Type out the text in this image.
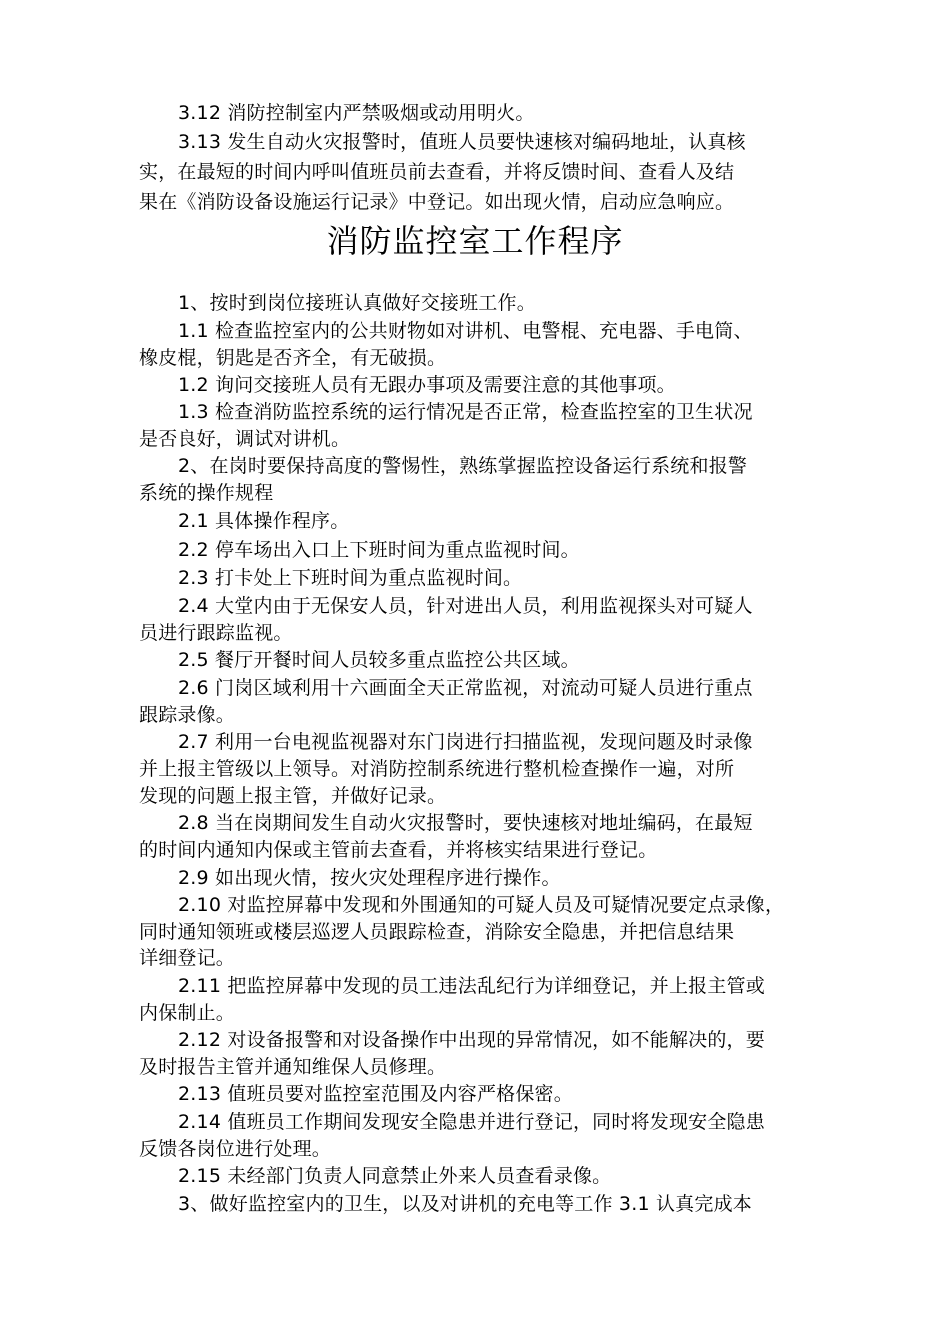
3.12 消防控制室内严禁吸烟或动用明火。
3.13 发生自动火灾报警时，值班人员要快速核对编码地址，认真核
实，在最短的时间内呼叫值班员前去查看，并将反馈时间、查看人及结
果在《消防设备设施运行记录》中登记。如出现火情，启动应急响应。
消防监控室工作程序
1、按时到岗位接班认真做好交接班工作。
1.1 检查监控室内的公共财物如对讲机、电警棍、充电器、手电筒、
橡皮棍，钥匙是否齐全，有无破损。
1.2 询问交接班人员有无跟办事项及需要注意的其他事项。
1.3 检查消防监控系统的运行情况是否正常，检查监控室的卫生状况
是否良好，调试对讲机。
2、在岗时要保持高度的警惕性，熟练掌握监控设备运行系统和报警
系统的操作规程
2.1 具体操作程序。
2.2 停车场出入口上下班时间为重点监视时间。
2.3 打卡处上下班时间为重点监视时间。
2.4 大堂内由于无保安人员，针对进出人员，利用监视探头对可疑人
员进行跟踪监视。
2.5 餐厅开餐时间人员较多重点监控公共区域。
2.6 门岗区域利用十六画面全天正常监视，对流动可疑人员进行重点
跟踪录像。
2.7 利用一台电视监视器对东门岗进行扫描监视，发现问题及时录像
并上报主管级以上领导。对消防控制系统进行整机检查操作一遍，对所
发现的问题上报主管，并做好记录。
2.8 当在岗期间发生自动火灾报警时，要快速核对地址编码，在最短
的时间内通知内保或主管前去查看，并将核实结果进行登记。
2.9 如出现火情，按火灾处理程序进行操作。
2.10 对监控屏幕中发现和外围通知的可疑人员及可疑情况要定点录像，
同时通知领班或楼层巡逻人员跟踪检查，消除安全隐患，并把信息结果
详细登记。
2.11 把监控屏幕中发现的员工违法乱纪行为详细登记，并上报主管或
内保制止。
2.12 对设备报警和对设备操作中出现的异常情况，如不能解决的，要
及时报告主管并通知维保人员修理。
2.13 值班员要对监控室范围及内容严格保密。
2.14 值班员工作期间发现安全隐患并进行登记，同时将发现安全隐患
反馈各岗位进行处理。
2.15 未经部门负责人同意禁止外来人员查看录像。
3、做好监控室内的卫生，以及对讲机的充电等工作 3.1 认真完成本
